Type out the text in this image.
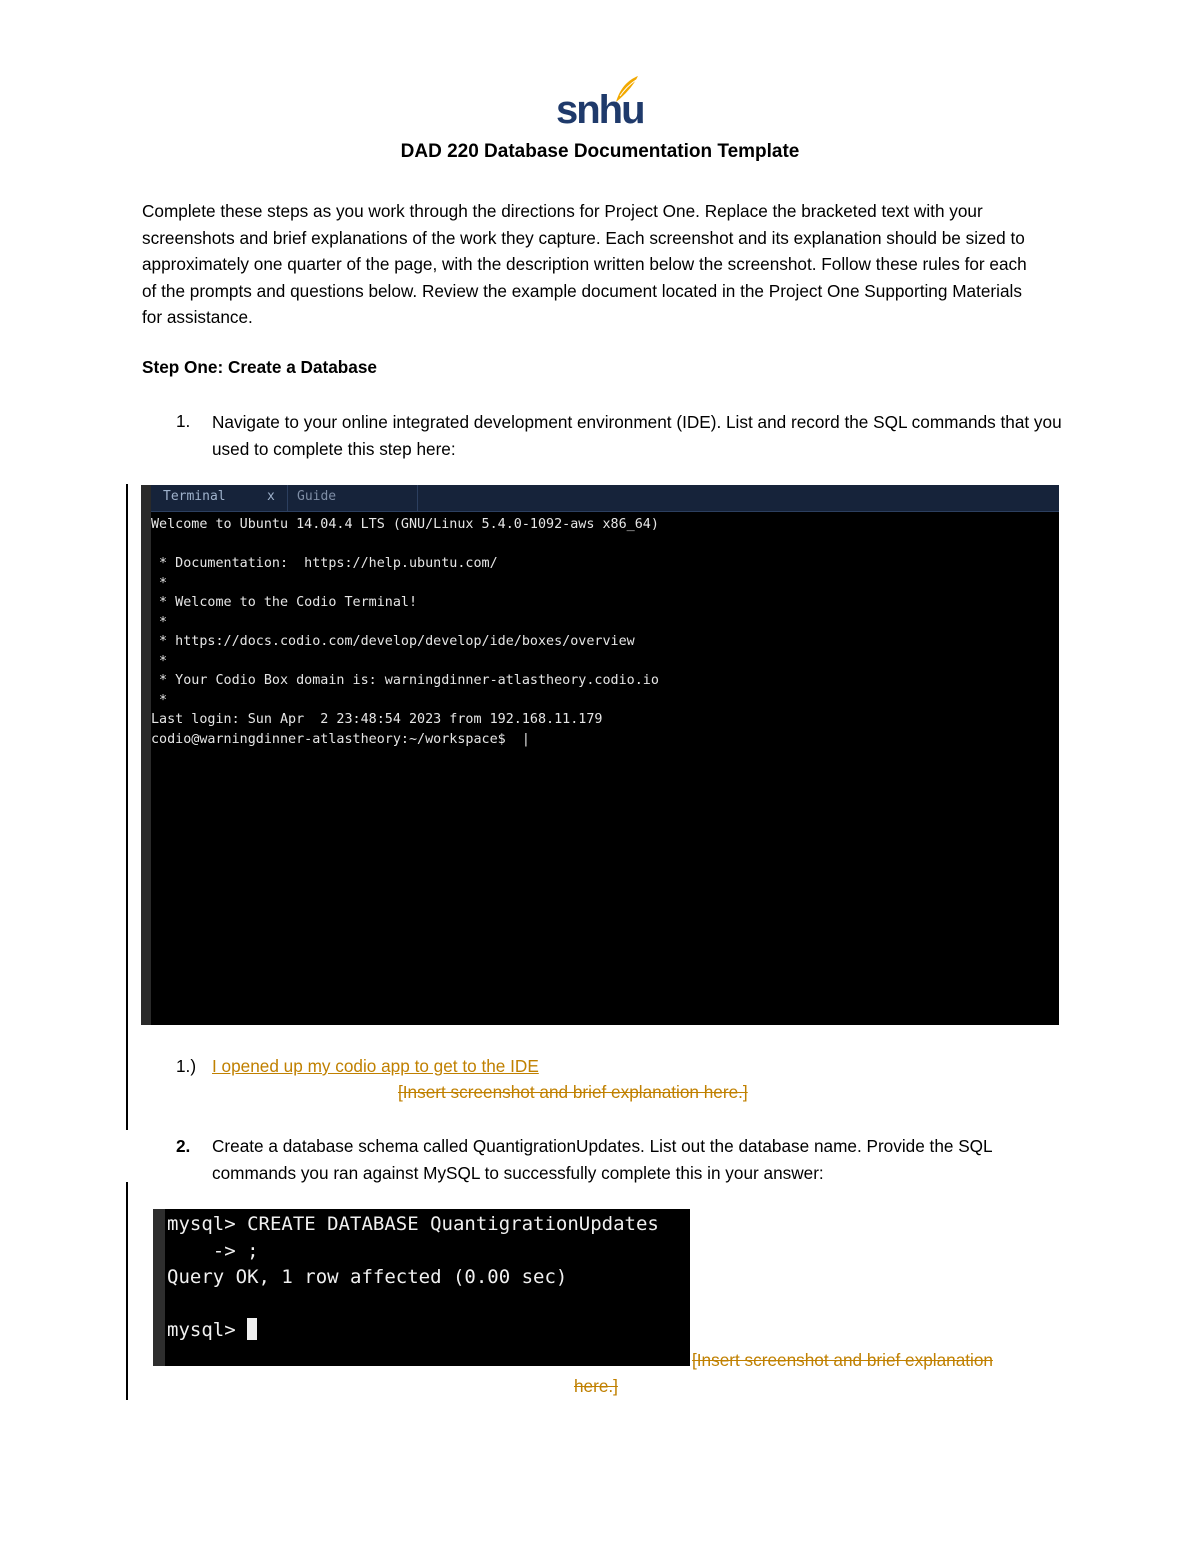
snhu
DAD 220 Database Documentation Template
Complete these steps as you work through the directions for Project One. Replace the bracketed text with your screenshots and brief explanations of the work they capture. Each screenshot and its explanation should be sized to approximately one quarter of the page, with the description written below the screenshot. Follow these rules for each of the prompts and questions below. Review the example document located in the Project One Supporting Materials for assistance.
Step One: Create a Database
1. Navigate to your online integrated development environment (IDE). List and record the SQL commands that you used to complete this step here:
Terminal	x Guide
Welcome to Ubuntu 14.04.4 LTS (GNU/Linux 5.4.0-1092-aws x86_64)

* Documentation:  https://help.ubuntu.com/
*
* Welcome to the Codio Terminal!
*
* https://docs.codio.com/develop/develop/ide/boxes/overview
*
* Your Codio Box domain is: warningdinner-atlastheory.codio.io
*
Last login: Sun Apr  2 23:48:54 2023 from 192.168.11.179
codio@warningdinner-atlastheory:~/workspace$  |
1.) I opened up my codio app to get to the IDE
[Insert screenshot and brief explanation here.]
2. Create a database schema called QuantigrationUpdates. List out the database name. Provide the SQL commands you ran against MySQL to successfully complete this in your answer:
mysql> CREATE DATABASE QuantigrationUpdates
-> ;
Query OK, 1 row affected (0.00 sec)

mysql>
[Insert screenshot and brief explanation
here.]
